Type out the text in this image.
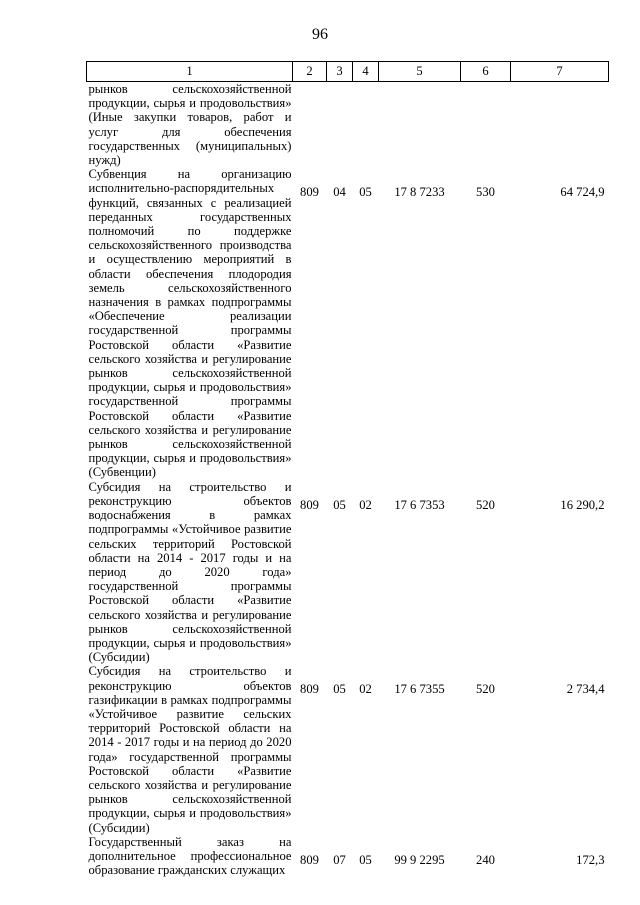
96
1	2	3	4	5	6	7
рынков сельскохозяйственной продукции, сырья и продовольствия» (Иные закупки товаров, работ и услуг для обеспечения государственных (муниципальных) нужд)						
Субвенция на организацию исполнительно-распорядительных функций, связанных с реализацией переданных государственных полномочий по поддержке сельскохозяйственного производства и осуществлению мероприятий в области обеспечения плодородия земель сельскохозяйственного назначения в рамках подпрограммы «Обеспечение реализации государственной программы Ростовской области «Развитие сельского хозяйства и регулирование рынков сельскохозяйственной продукции, сырья и продовольствия» государственной программы Ростовской области «Развитие сельского хозяйства и регулирование рынков сельскохозяйственной продукции, сырья и продовольствия» (Субвенции)	809	04	05	17 8 7233	530	64 724,9
Субсидия на строительство и реконструкцию объектов водоснабжения в рамках подпрограммы «Устойчивое развитие сельских территорий Ростовской области на 2014 - 2017 годы и на период до 2020 года» государственной программы Ростовской области «Развитие сельского хозяйства и регулирование рынков сельскохозяйственной продукции, сырья и продовольствия» (Субсидии)	809	05	02	17 6 7353	520	16 290,2
Субсидия на строительство и реконструкцию объектов газификации в рамках подпрограммы «Устойчивое развитие сельских территорий Ростовской области на 2014 - 2017 годы и на период до 2020 года» государственной программы Ростовской области «Развитие сельского хозяйства и регулирование рынков сельскохозяйственной продукции, сырья и продовольствия» (Субсидии)	809	05	02	17 6 7355	520	2 734,4
Государственный заказ на дополнительное профессиональное образование гражданских служащих	809	07	05	99 9 2295	240	172,3
